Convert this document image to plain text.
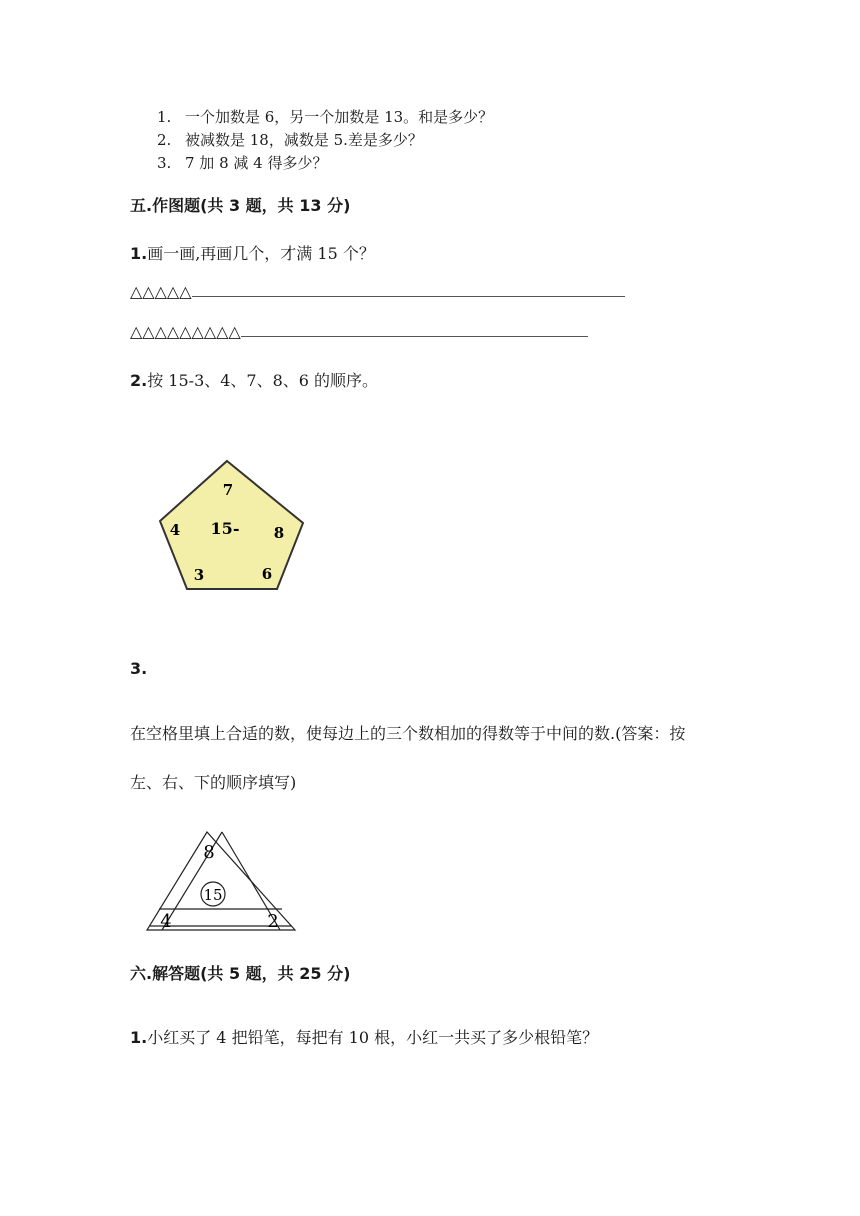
1. 一个加数是 6，另一个加数是 13。和是多少？
2. 被减数是 18，减数是 5.差是多少？
3. 7 加 8 减 4 得多少？
五.作图题(共 3 题，共 13 分)
1.画一画,再画几个，才满 15 个？
△△△△△
△△△△△△△△△
2.按 15-3、4、7、8、6 的顺序。
7
4 15- 8
3	6
3.
在空格里填上合适的数，使每边上的三个数相加的得数等于中间的数.(答案：按
左、右、下的顺序填写)
8
15
4	2
六.解答题(共 5 题，共 25 分)
1.小红买了 4 把铅笔，每把有 10 根，小红一共买了多少根铅笔？
